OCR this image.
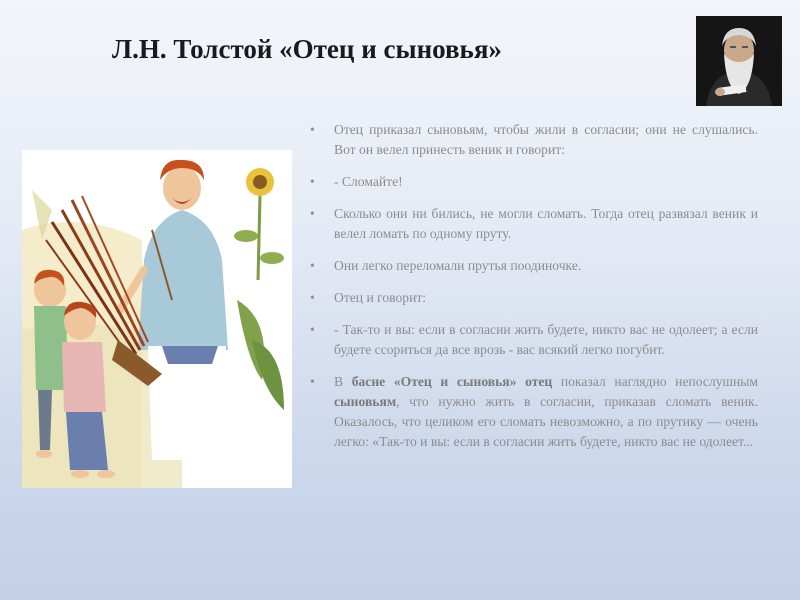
Л.Н. Толстой «Отец и сыновья»
• Отец приказал сыновьям, чтобы жили в согласии; они не слушались. Вот он велел принесть веник и говорит:
• - Сломайте!
• Сколько они ни бились, не могли сломать. Тогда отец развязал веник и велел ломать по одному пруту.
• Они легко переломали прутья поодиночке.
• Отец и говорит:
• - Так-то и вы: если в согласии жить будете, никто вас не одолеет; а если будете ссориться да все врозь - вас всякий легко погубит.
• В басне «Отец и сыновья» отец показал наглядно непослушным сыновьям, что нужно жить в согласии, приказав сломать веник. Оказалось, что целиком его сломать невозможно, а по прутику — очень легко: «Так-то и вы: если в согласии жить будете, никто вас не одолеет...
